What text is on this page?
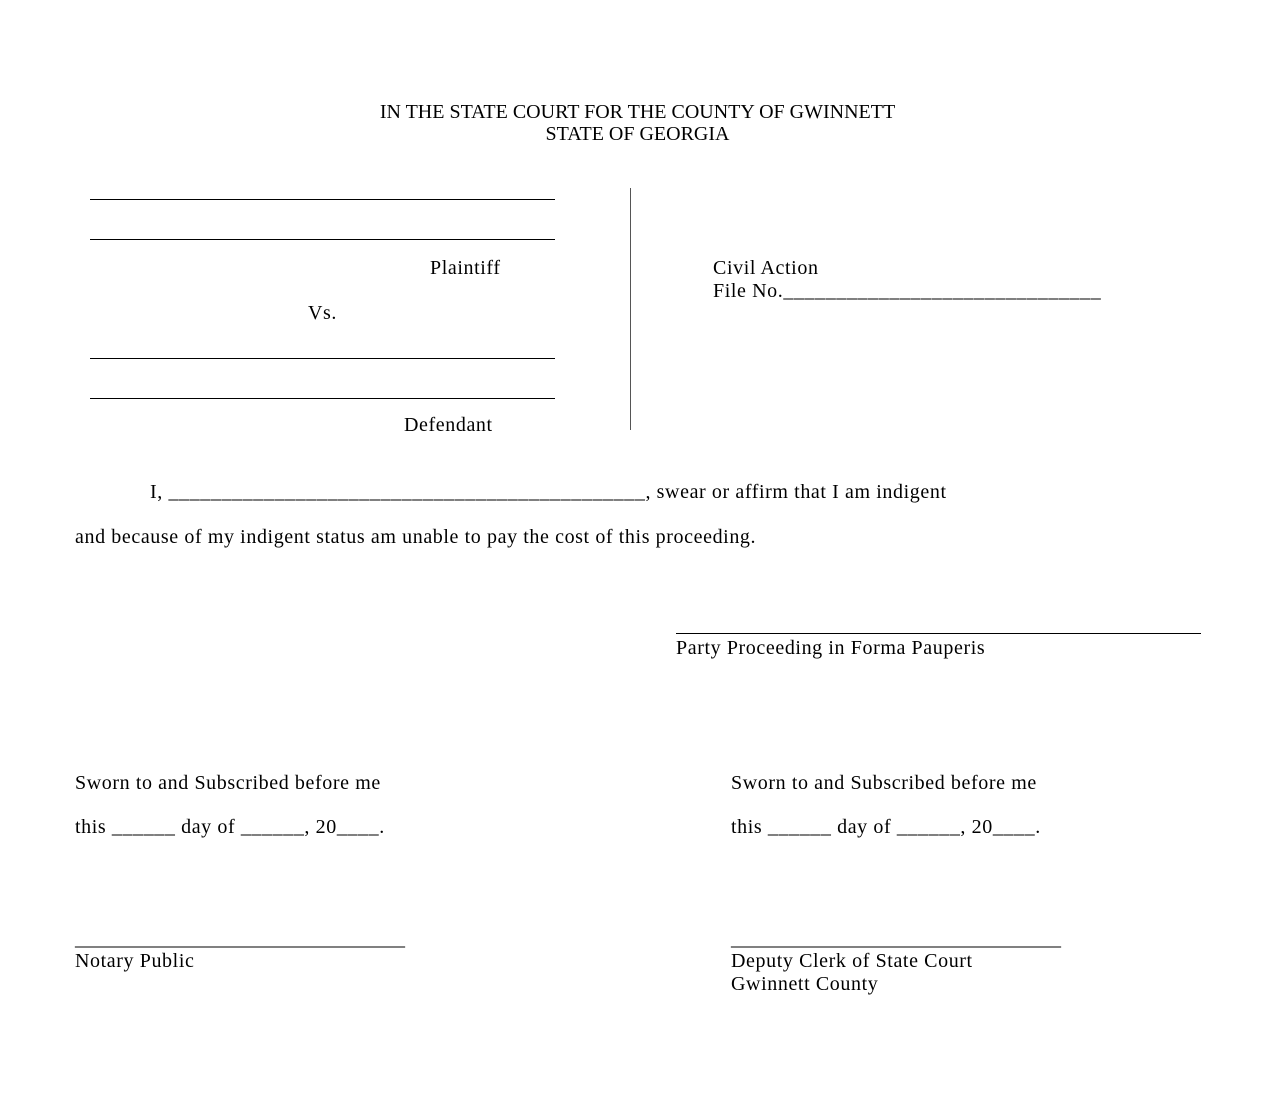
IN THE STATE COURT FOR THE COUNTY OF GWINNETT
STATE OF GEORGIA
Plaintiff
Vs.
Defendant
Civil Action
File No.______________________________
I, _____________________________________________, swear or affirm that I am indigent
and because of my indigent status am unable to pay the cost of this proceeding.
Party Proceeding in Forma Pauperis
Sworn to and Subscribed before me
this ______ day of ______, 20____.
_________________________________
Notary Public
Sworn to and Subscribed before me
this ______ day of ______, 20____.
_________________________________
Deputy Clerk of State Court
Gwinnett County
